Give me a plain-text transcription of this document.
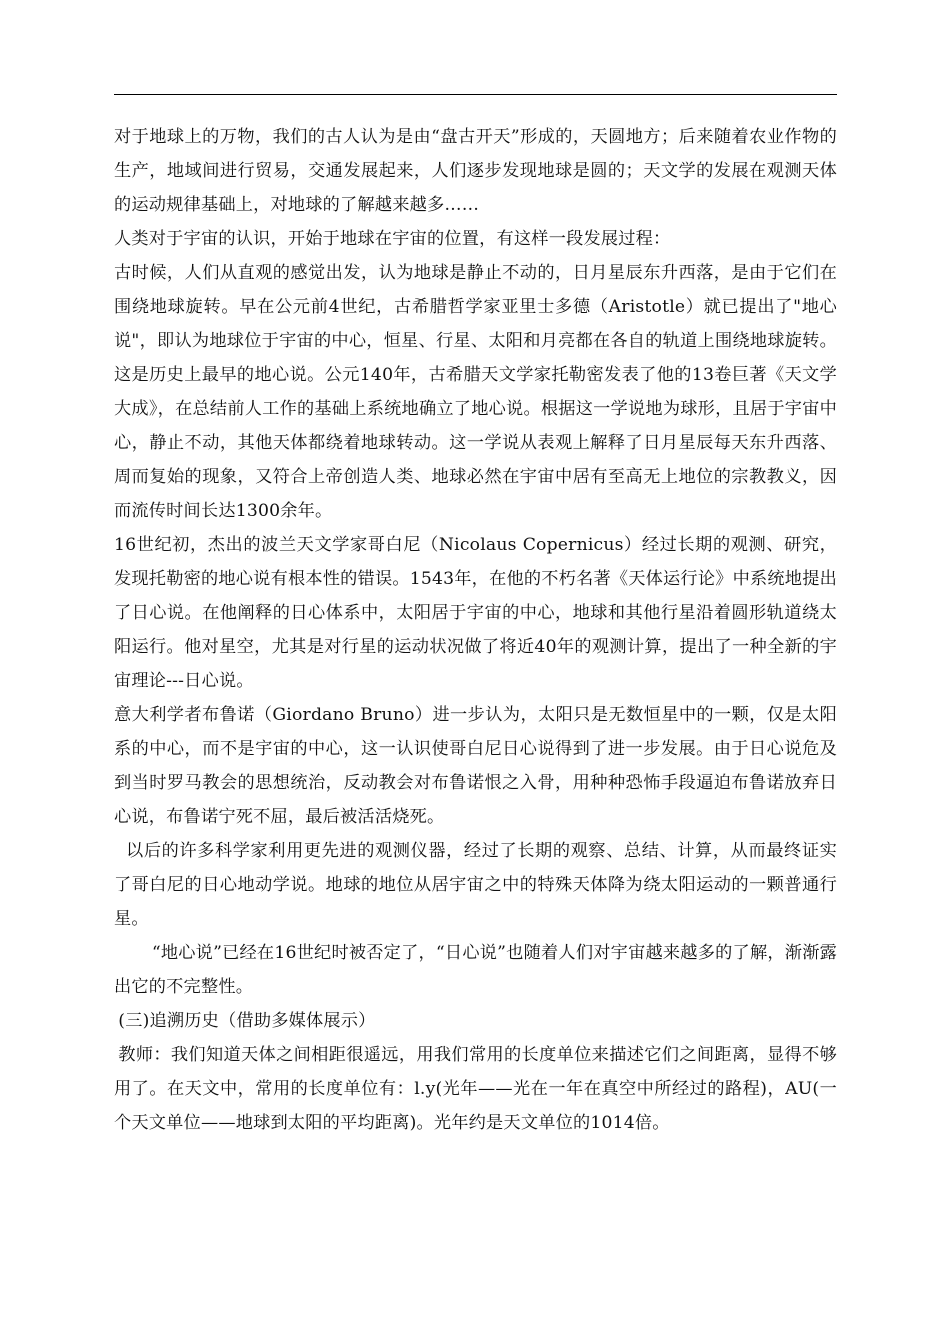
对于地球上的万物，我们的古人认为是由“盘古开天”形成的，天圆地方；后来随着农业作物的生产，地域间进行贸易，交通发展起来，人们逐步发现地球是圆的；天文学的发展在观测天体的运动规律基础上，对地球的了解越来越多……

人类对于宇宙的认识，开始于地球在宇宙的位置，有这样一段发展过程：

古时候，人们从直观的感觉出发，认为地球是静止不动的，日月星辰东升西落，是由于它们在围绕地球旋转。早在公元前4世纪，古希腊哲学家亚里士多德（Aristotle）就已提出了"地心说"，即认为地球位于宇宙的中心，恒星、行星、太阳和月亮都在各自的轨道上围绕地球旋转。这是历史上最早的地心说。公元140年，古希腊天文学家托勒密发表了他的13卷巨著《天文学大成》，在总结前人工作的基础上系统地确立了地心说。根据这一学说地为球形，且居于宇宙中心，静止不动，其他天体都绕着地球转动。这一学说从表观上解释了日月星辰每天东升西落、周而复始的现象，又符合上帝创造人类、地球必然在宇宙中居有至高无上地位的宗教教义，因而流传时间长达1300余年。

16世纪初，杰出的波兰天文学家哥白尼（Nicolaus Copernicus）经过长期的观测、研究，发现托勒密的地心说有根本性的错误。1543年，在他的不朽名著《天体运行论》中系统地提出了日心说。在他阐释的日心体系中，太阳居于宇宙的中心，地球和其他行星沿着圆形轨道绕太阳运行。他对星空，尤其是对行星的运动状况做了将近40年的观测计算，提出了一种全新的宇宙理论---日心说。

意大利学者布鲁诺（Giordano Bruno）进一步认为，太阳只是无数恒星中的一颗，仅是太阳系的中心，而不是宇宙的中心，这一认识使哥白尼日心说得到了进一步发展。由于日心说危及到当时罗马教会的思想统治，反动教会对布鲁诺恨之入骨，用种种恐怖手段逼迫布鲁诺放弃日心说，布鲁诺宁死不屈，最后被活活烧死。

以后的许多科学家利用更先进的观测仪器，经过了长期的观察、总结、计算，从而最终证实了哥白尼的日心地动学说。地球的地位从居宇宙之中的特殊天体降为绕太阳运动的一颗普通行星。

“地心说”已经在16世纪时被否定了，“日心说”也随着人们对宇宙越来越多的了解，渐渐露出它的不完整性。

(三)追溯历史（借助多媒体展示）

教师：我们知道天体之间相距很遥远，用我们常用的长度单位来描述它们之间距离，显得不够用了。在天文中，常用的长度单位有：l.y(光年——光在一年在真空中所经过的路程)，AU(一个天文单位——地球到太阳的平均距离)。光年约是天文单位的1014倍。
